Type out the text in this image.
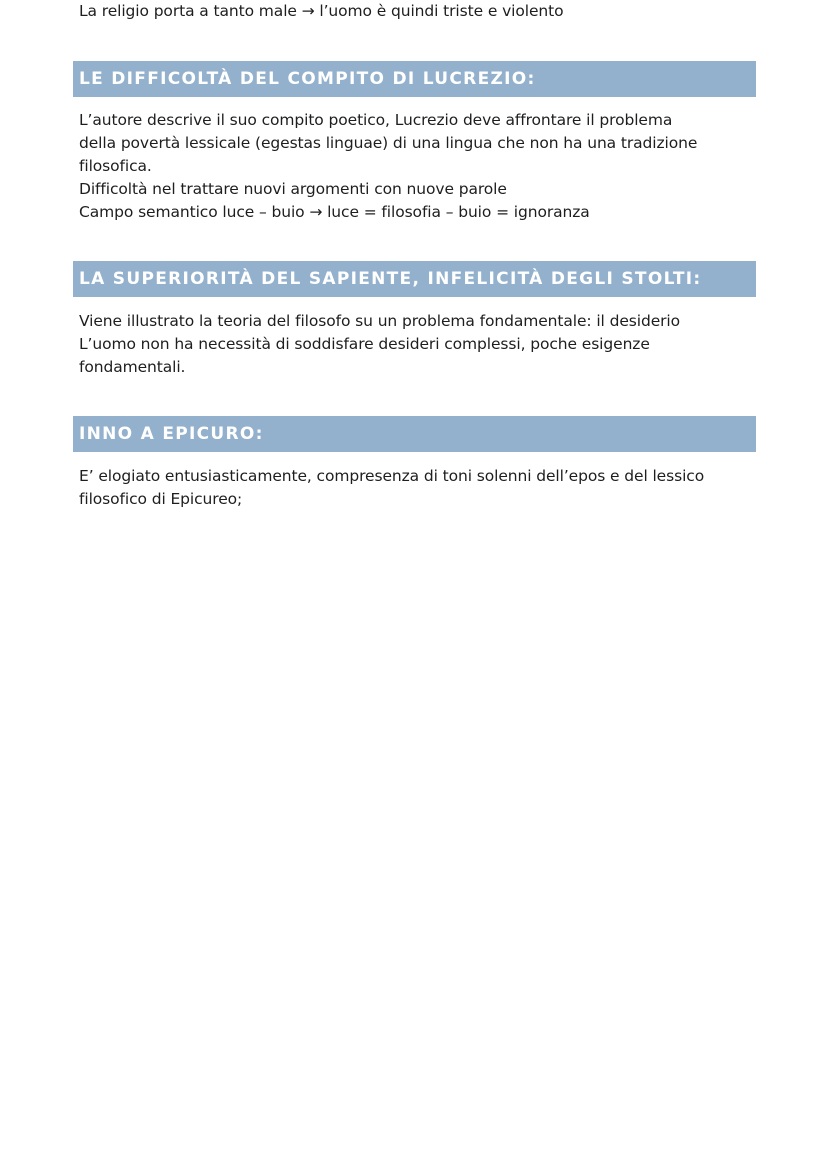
La religio porta a tanto male → l’uomo è quindi triste e violento
LE DIFFICOLTÀ DEL COMPITO DI LUCREZIO:
L’autore descrive il suo compito poetico, Lucrezio deve affrontare il problema
della povertà lessicale (egestas linguae) di una lingua che non ha una tradizione
filosofica.
Difficoltà nel trattare nuovi argomenti con nuove parole
Campo semantico luce – buio → luce = filosofia – buio = ignoranza
LA SUPERIORITÀ DEL SAPIENTE, INFELICITÀ DEGLI STOLTI:
Viene illustrato la teoria del filosofo su un problema fondamentale: il desiderio
L’uomo non ha necessità di soddisfare desideri complessi, poche esigenze
fondamentali.
INNO A EPICURO:
E’ elogiato entusiasticamente, compresenza di toni solenni dell’epos e del lessico
filosofico di Epicureo;
